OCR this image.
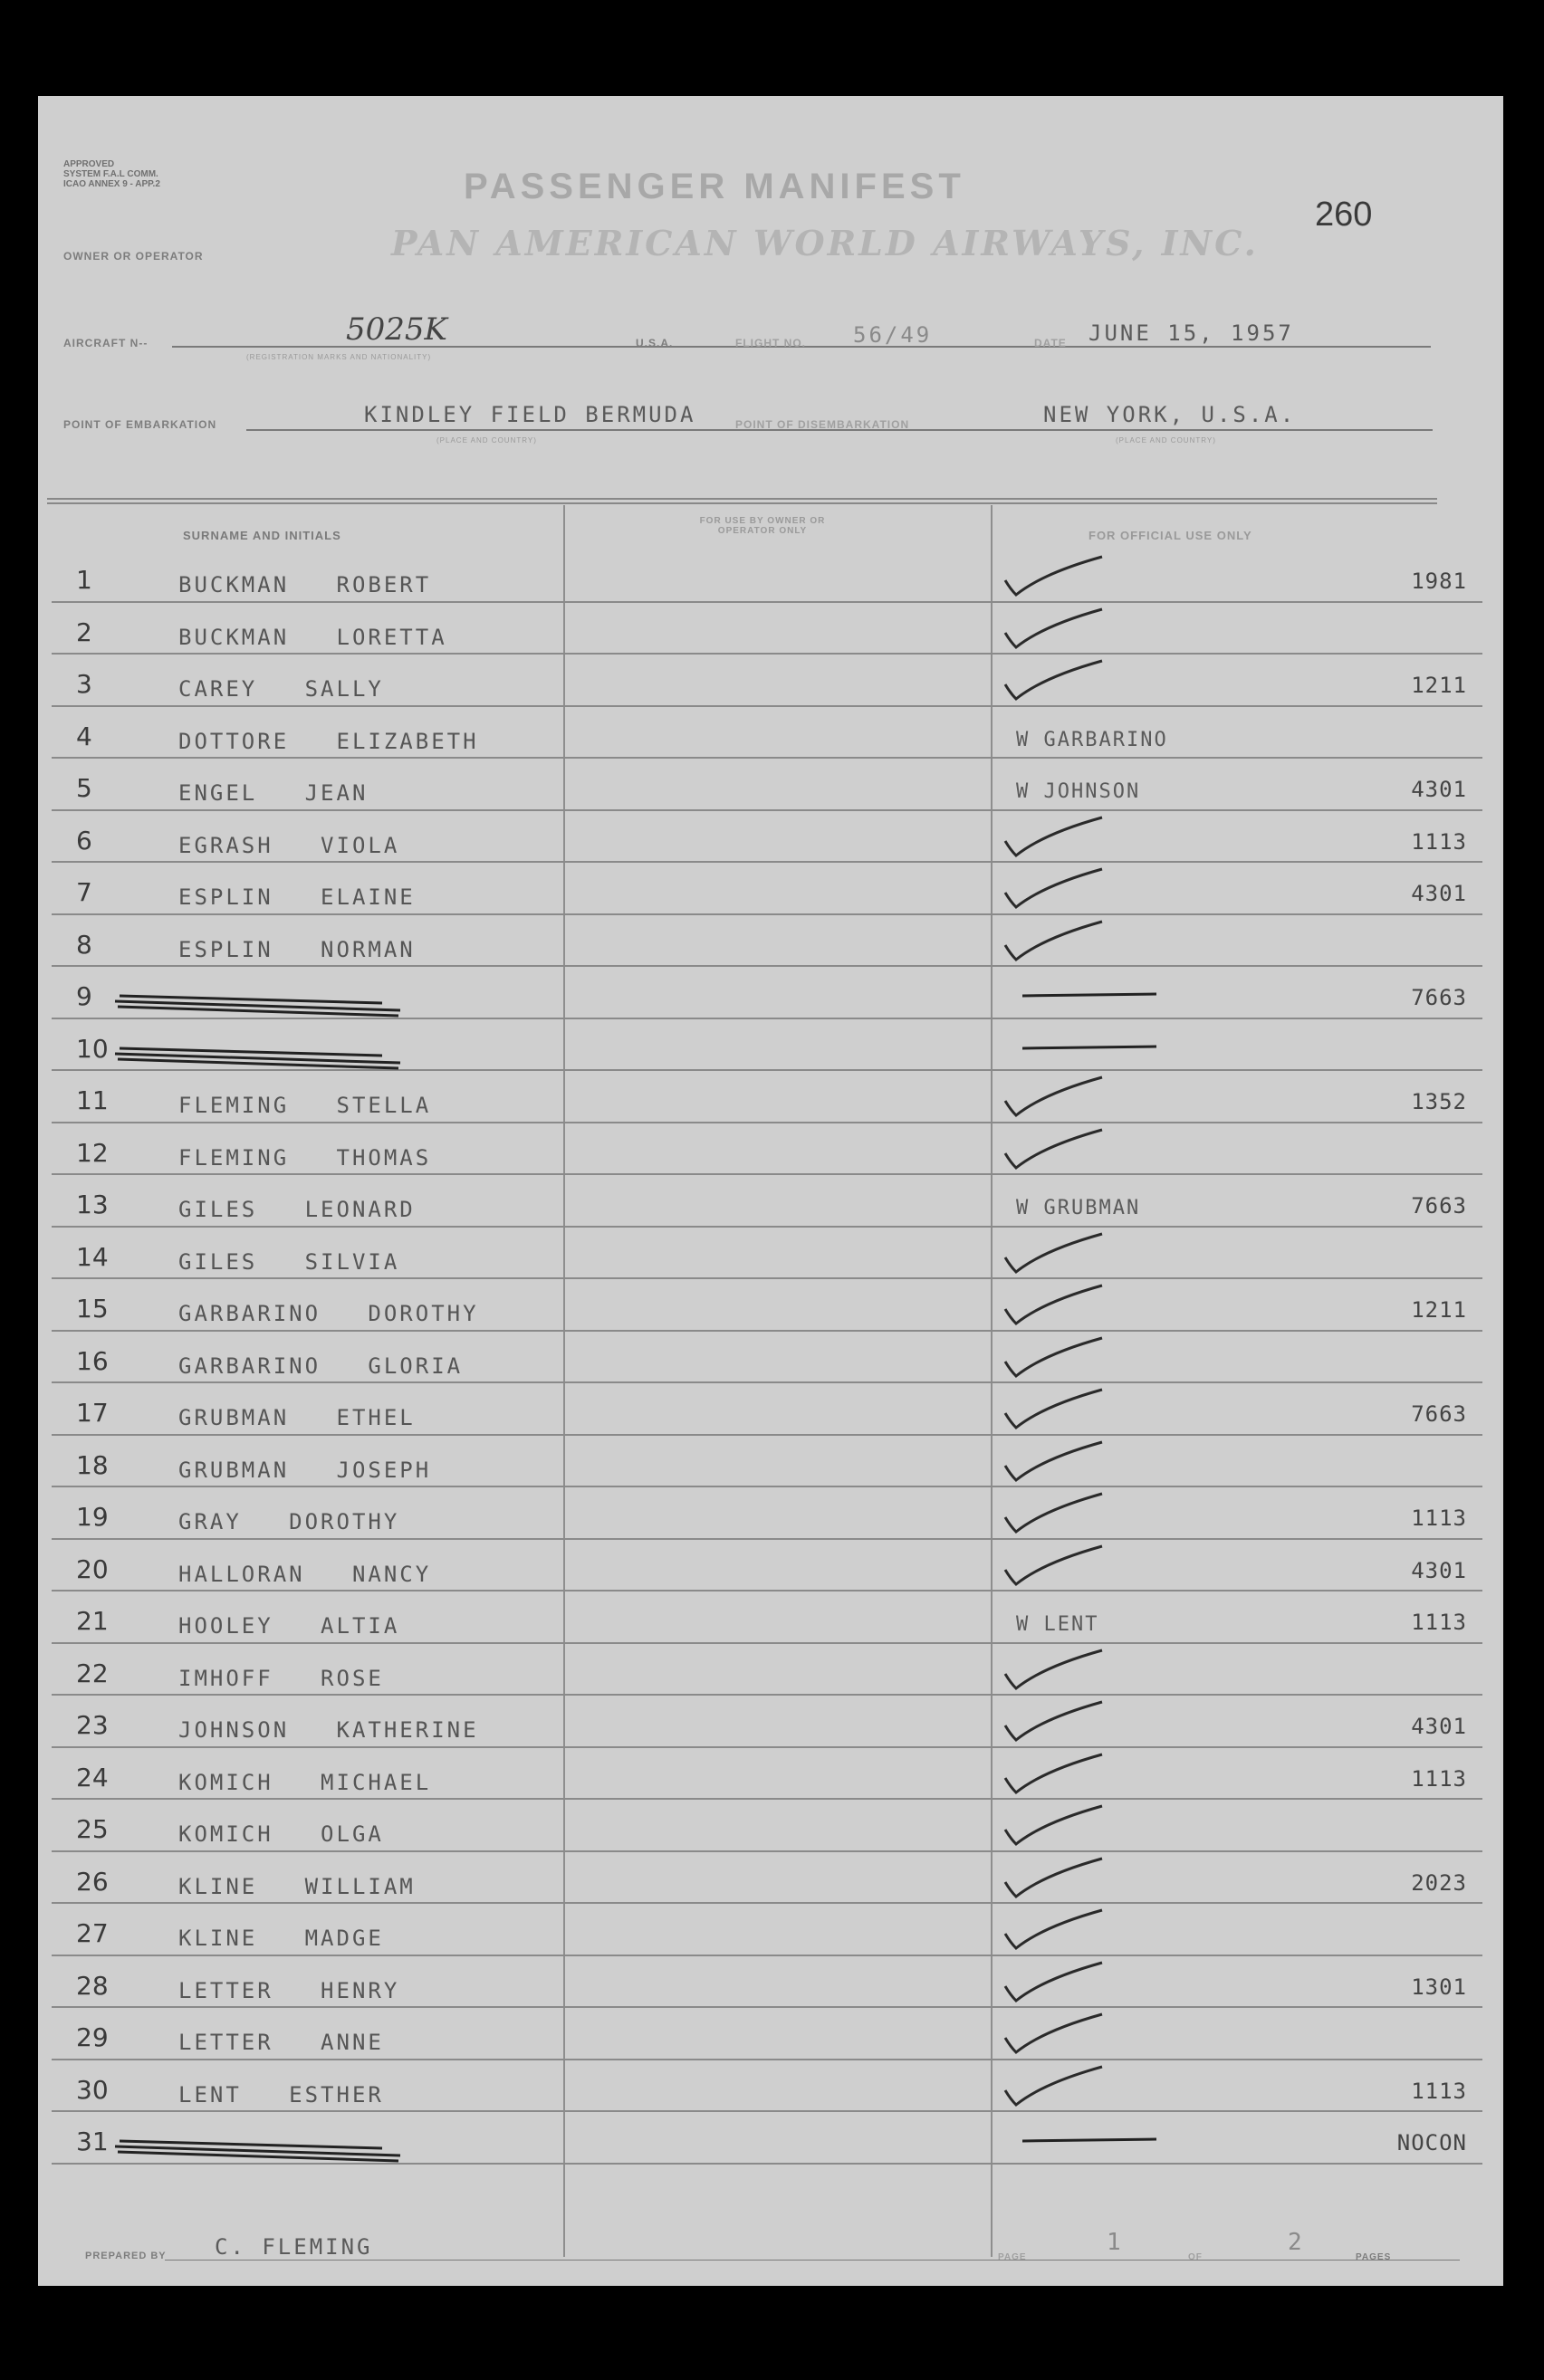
APPROVED
SYSTEM F.A.L COMM.
ICAO ANNEX 9 - APP.2
OWNER OR OPERATOR
PASSENGER MANIFEST
PAN AMERICAN WORLD AIRWAYS, INC.
260
AIRCRAFT N--	5025K
(REGISTRATION MARKS AND NATIONALITY)
U.S.A.	FLIGHT NO. 56/49	DATE JUNE 15, 1957
POINT OF EMBARKATION	KINDLEY FIELD BERMUDA
(PLACE AND COUNTRY)
POINT OF DISEMBARKATION	NEW YORK, U.S.A.
(PLACE AND COUNTRY)
SURNAME AND INITIALS
FOR USE BY OWNER OR OPERATOR ONLY	FOR OFFICIAL USE ONLY
1	BUCKMAN   ROBERT	1981
2	BUCKMAN   LORETTA
3	CAREY   SALLY	1211
4	DOTTORE   ELIZABETH	W GARBARINO
5	ENGEL   JEAN	W JOHNSON	4301
6	EGRASH   VIOLA	1113
7	ESPLIN   ELAINE	4301
8	ESPLIN   NORMAN
9	7663
10
11	FLEMING   STELLA	1352
12	FLEMING   THOMAS
13	GILES   LEONARD	W GRUBMAN	7663
14	GILES   SILVIA
15	GARBARINO   DOROTHY	1211
16	GARBARINO   GLORIA
17	GRUBMAN   ETHEL	7663
18	GRUBMAN   JOSEPH
19	GRAY   DOROTHY	1113
20	HALLORAN   NANCY	4301
21	HOOLEY   ALTIA	W LENT	1113
22	IMHOFF   ROSE
23	JOHNSON   KATHERINE	4301
24	KOMICH   MICHAEL	1113
25	KOMICH   OLGA
26	KLINE   WILLIAM	2023
27	KLINE   MADGE
28	LETTER   HENRY	1301
29	LETTER   ANNE
30	LENT   ESTHER	1113
31	NOCON
PREPARED BY C. FLEMING	PAGE
1
OF
2
PAGES
